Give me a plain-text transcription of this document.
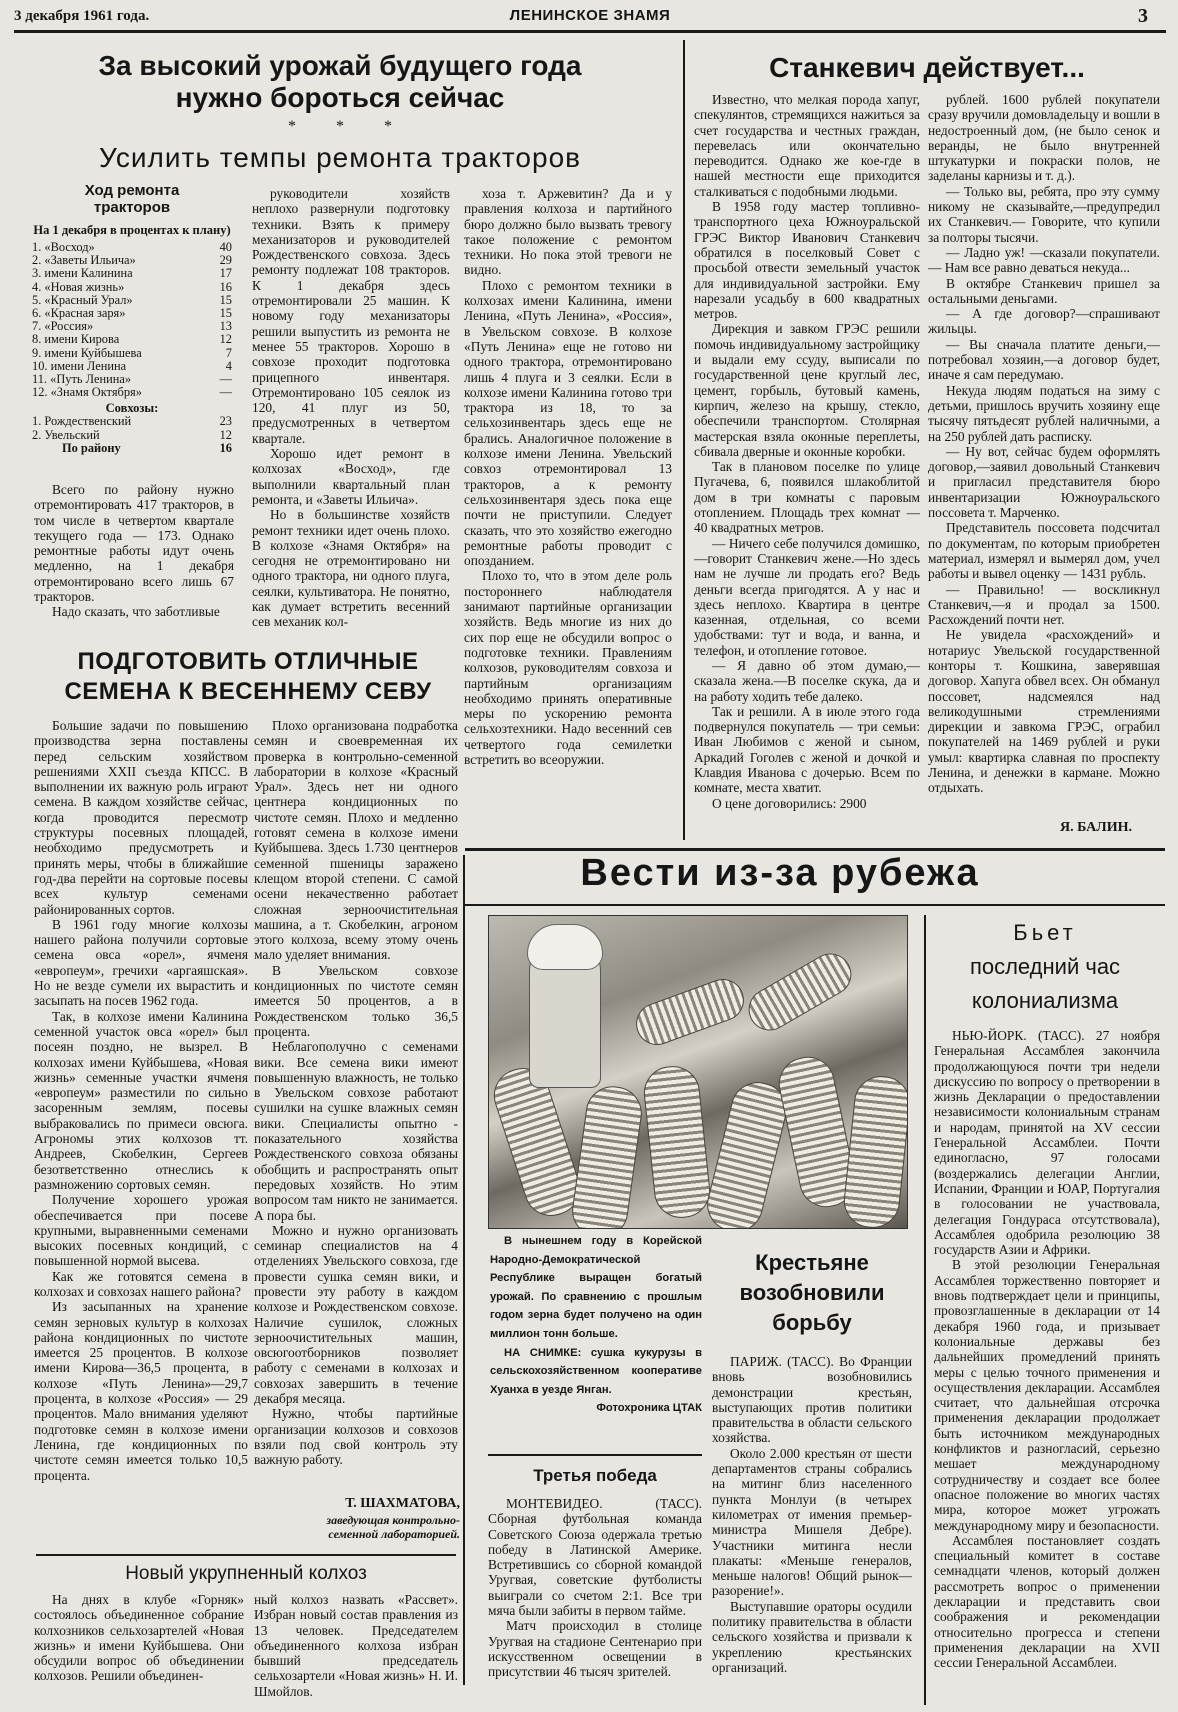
3 декабря 1961 года.	ЛЕНИНСКОЕ ЗНАМЯ	3
За высокий урожай будущего года
нужно бороться сейчас
*          *          *
Усилить темпы ремонта тракторов
Ход ремонта тракторов
На 1 декабря в процентах к плану)
1. «Восход»	40
2. «Заветы Ильича»	29
3. имени Калинина	17
4. «Новая жизнь»	16
5. «Красный Урал»	15
6. «Красная заря»	15
7. «Россия»	13
8. имени Кирова	12
9. имени Куйбышева	7
10. имени Ленина	4
11. «Путь Ленина»	—
12. «Знамя Октября»	—
Совхозы:
1. Рождественский	23
2. Увельский	12
По району	16

Всего по району нужно отремонтировать 417 тракторов, в том числе в четвертом квартале текущего года — 173. Однако ремонтные работы идут очень медленно, на 1 декабря отремонтировано всего лишь 67 тракторов.

Надо сказать, что заботливые

руководители хозяйств неплохо развернули подготовку техники. Взять к примеру механизаторов и руководителей Рождественского совхоза. Здесь ремонту подлежат 108 тракторов. К 1 декабря здесь отремонтировали 25 машин. К новому году механизаторы решили выпустить из ремонта не менее 55 тракторов. Хорошо в совхозе проходит подготовка прицепного инвентаря. Отремонтировано 105 сеялок из 120, 41 плуг из 50, предусмотренных в четвертом квартале.

Хорошо идет ремонт в колхозах «Восход», где выполнили квартальный план ремонта, и «Заветы Ильича».

Но в большинстве хозяйств ремонт техники идет очень плохо. В колхозе «Знамя Октября» на сегодня не отремонтировано ни одного трактора, ни одного плуга, сеялки, культиватора. Не понятно, как думает встретить весенний сев механик кол-

хоза т. Аржевитин? Да и у правления колхоза и партийного бюро должно было вызвать тревогу такое положение с ремонтом техники. Но пока этой тревоги не видно.

Плохо с ремонтом техники в колхозах имени Калинина, имени Ленина, «Путь Ленина», «Россия», в Увельском совхозе. В колхозе «Путь Ленина» еще не готово ни одного трактора, отремонтировано лишь 4 плуга и 3 сеялки. Если в колхозе имени Калинина готово три трактора из 18, то за сельхозинвентарь здесь еще не брались. Аналогичное положение в колхозе имени Ленина. Увельский совхоз отремонтировал 13 тракторов, а к ремонту сельхозинвентаря здесь пока еще почти не приступили. Следует сказать, что это хозяйство ежегодно ремонтные работы проводит с опозданием.

Плохо то, что в этом деле роль постороннего наблюдателя занимают партийные организации хозяйств. Ведь многие из них до сих пор еще не обсудили вопрос о подготовке техники. Правлениям колхозов, руководителям совхоза и партийным организациям необходимо принять оперативные меры по ускорению ремонта сельхозтехники. Надо весенний сев четвертого года семилетки встретить во всеоружии.

ПОДГОТОВИТЬ ОТЛИЧНЫЕ
СЕМЕНА К ВЕСЕННЕМУ СЕВУ

Большие задачи по повышению производства зерна поставлены перед сельским хозяйством решениями XXII съезда КПСС. В выполнении их важную роль играют семена. В каждом хозяйстве сейчас, когда проводится пересмотр структуры посевных площадей, необходимо предусмотреть и принять меры, чтобы в ближайшие год-два перейти на сортовые посевы всех культур семенами районированных сортов.

В 1961 году многие колхозы нашего района получили сортовые семена овса «орел», ячменя «европеум», гречихи «аргаяшская». Но не везде сумели их вырастить и засыпать на посев 1962 года.

Так, в колхозе имени Калинина семенной участок овса «орел» был посеян поздно, не вызрел. В колхозах имени Куйбышева, «Новая жизнь» семенные участки ячменя «европеум» разместили по сильно засоренным землям, посевы выбраковались по примеси овсюга. Агрономы этих колхозов тт. Андреев, Скобелкин, Сергеев безответственно отнеслись к размножению сортовых семян.

Получение хорошего урожая обеспечивается при посеве крупными, выравненными семенами высоких посевных кондиций, с повышенной нормой высева.

Как же готовятся семена в колхозах и совхозах нашего района?

Из засыпанных на хранение семян зерновых культур в колхозах района кондиционных по чистоте имеется 25 процентов. В колхозе имени Кирова—36,5 процента, в колхозе «Путь Ленина»—29,7 процента, в колхозе «Россия» — 29 процентов. Мало внимания уделяют подготовке семян в колхозе имени Ленина, где кондиционных по чистоте семян имеется только 10,5 процента.

Плохо организована подработка семян и своевременная их проверка в контрольно-семенной лаборатории в колхозе «Красный Урал». Здесь нет ни одного центнера кондиционных по чистоте семян. Плохо и медленно готовят семена в колхозе имени Куйбышева. Здесь 1.730 центнеров семенной пшеницы заражено клещом второй степени. С самой осени некачественно работает сложная зерноочистительная машина, а т. Скобелкин, агроном этого колхоза, всему этому очень мало уделяет внимания.

В Увельском совхозе кондиционных по чистоте семян имеется 50 процентов, а в Рождественском только 36,5 процента.

Неблагополучно с семенами вики. Все семена вики имеют повышенную влажность, не только в Увельском совхозе работают сушилки на сушке влажных семян вики. Специалисты опытно - показательного хозяйства Рождественского совхоза обязаны обобщить и распространять опыт передовых хозяйств. Но этим вопросом там никто не занимается. А пора бы.

Можно и нужно организовать семинар специалистов на 4 отделениях Увельского совхоза, где провести сушка семян вики, и провести эту работу в каждом колхозе и Рождественском совхозе. Наличие сушилок, сложных зерноочистительных машин, овсюгоотборников позволяет работу с семенами в колхозах и совхозах завершить в течение декабря месяца.

Нужно, чтобы партийные организации колхозов и совхозов взяли под свой контроль эту важную работу.

Т. ШАХМАТОВА,
заведующая контрольно-семенной лабораторией.
Новый укрупненный колхоз

На днях в клубе «Горняк» состоялось объединенное собрание колхозников сельхозартелей «Новая жизнь» и имени Куйбышева. Они обсудили вопрос об объединении колхозов. Решили объединен-

ный колхоз назвать «Рассвет». Избран новый состав правления из 13 человек. Председателем объединенного колхоза избран бывший председатель сельхозартели «Новая жизнь» Н. И. Шмойлов.

Станкевич действует...

Известно, что мелкая порода хапуг, спекулянтов, стремящихся нажиться за счет государства и честных граждан, перевелась или окончательно переводится. Однако же кое-где в нашей местности еще приходится сталкиваться с подобными людьми.

В 1958 году мастер топливно-транспортного цеха Южноуральской ГРЭС Виктор Иванович Станкевич обратился в поселковый Совет с просьбой отвести земельный участок для индивидуальной застройки. Ему нарезали усадьбу в 600 квадратных метров.

Дирекция и завком ГРЭС решили помочь индивидуальному застройщику и выдали ему ссуду, выписали по государственной цене круглый лес, цемент, горбыль, бутовый камень, кирпич, железо на крышу, стекло, обеспечили транспортом. Столярная мастерская взяла оконные переплеты, сбивала дверные и оконные коробки.

Так в плановом поселке по улице Пугачева, 6, появился шлакоблитой дом в три комнаты с паровым отоплением. Площадь трех комнат — 40 квадратных метров.

— Ничего себе получился домишко,—говорит Станкевич жене.—Но здесь нам не лучше ли продать его? Ведь деньги всегда пригодятся. А у нас и здесь неплохо. Квартира в центре казенная, отдельная, со всеми удобствами: тут и вода, и ванна, и телефон, и отопление готовое.

— Я давно об этом думаю,—сказала жена.—В поселке скука, да и на работу ходить тебе далеко.

Так и решили. А в июле этого года подвернулся покупатель — три семьи: Иван Любимов с женой и сыном, Аркадий Гоголев с женой и дочкой и Клавдия Иванова с дочерью. Всем по комнате, места хватит.

О цене договорились: 2900

рублей. 1600 рублей покупатели сразу вручили домовладельцу и вошли в недостроенный дом, (не было сенок и веранды, не было внутренней штукатурки и покраски полов, не заделаны карнизы и т. д.).

— Только вы, ребята, про эту сумму никому не сказывайте,—предупредил их Станкевич.— Говорите, что купили за полторы тысячи.

— Ладно уж! —сказали покупатели. — Нам все равно деваться некуда...

В октябре Станкевич пришел за остальными деньгами.

— А где договор?—спрашивают жильцы.

— Вы сначала платите деньги,—потребовал хозяин,—а договор будет, иначе я сам передумаю.

Некуда людям податься на зиму с детьми, пришлось вручить хозяину еще тысячу пятьдесят рублей наличными, а на 250 рублей дать расписку.

— Ну вот, сейчас будем оформлять договор,—заявил довольный Станкевич и пригласил представителя бюро инвентаризации Южноуральского поссовета т. Марченко.

Представитель поссовета подсчитал по документам, по которым приобретен материал, измерял и вымерял дом, учел работы и вывел оценку — 1431 рубль.

— Правильно! — воскликнул Станкевич,—я и продал за 1500. Расхождений почти нет.

Не увидела «расхождений» и нотариус Увельской государственной конторы т. Кошкина, заверявшая договор. Хапуга обвел всех. Он обманул поссовет, надсмеялся над великодушными стремлениями дирекции и завкома ГРЭС, ограбил покупателей на 1469 рублей и руки умыл: квартирка славная по проспекту Ленина, и денежки в кармане. Можно отдыхать.

Я. БАЛИН.
Вести из-за рубежа
В нынешнем году в Корейской Народно-Демократической Республике выращен богатый урожай. По сравнению с прошлым годом зерна будет получено на один миллион тонн больше.
НА СНИМКЕ: сушка кукурузы в сельскохозяйственном кооперативе Хуанха в уезде Янган.
Фотохроника ЦТАК
Третья победа

МОНТЕВИДЕО. (ТАСС). Сборная футбольная команда Советского Союза одержала третью победу в Латинской Америке. Встретившись со сборной командой Уругвая, советские футболисты выиграли со счетом 2:1. Все три мяча были забиты в первом тайме.

Матч происходил в столице Уругвая на стадионе Сентенарио при искусственном освещении в присутствии 46 тысяч зрителей.

Крестьяне
возобновили
борьбу

ПАРИЖ. (ТАСС). Во Франции вновь возобновились демонстрации крестьян, выступающих против политики правительства в области сельского хозяйства.

Около 2.000 крестьян от шести департаментов страны собрались на митинг близ населенного пункта Монлуи (в четырех километрах от имения премьер-министра Мишеля Дебре). Участники митинга несли плакаты: «Меньше генералов, меньше налогов! Общий рынок—разорение!».

Выступавшие ораторы осудили политику правительства в области сельского хозяйства и призвали к укреплению крестьянских организаций.

Бьет
последний час
колониализма

НЬЮ-ЙОРК. (ТАСС). 27 ноября Генеральная Ассамблея закончила продолжающуюся почти три недели дискуссию по вопросу о претворении в жизнь Декларации о предоставлении независимости колониальным странам и народам, принятой на XV сессии Генеральной Ассамблеи. Почти единогласно, 97 голосами (воздержались делегации Англии, Испании, Франции и ЮАР, Португалия в голосовании не участвовала, делегация Гондураса отсутствовала), Ассамблея одобрила резолюцию 38 государств Азии и Африки.

В этой резолюции Генеральная Ассамблея торжественно повторяет и вновь подтверждает цели и принципы, провозглашенные в декларации от 14 декабря 1960 года, и призывает колониальные державы без дальнейших промедлений принять меры с целью точного применения и осуществления декларации. Ассамблея считает, что дальнейшая отсрочка применения декларации продолжает быть источником международных конфликтов и разногласий, серьезно мешает международному сотрудничеству и создает все более опасное положение во многих частях мира, которое может угрожать международному миру и безопасности.

Ассамблея постановляет создать специальный комитет в составе семнадцати членов, который должен рассмотреть вопрос о применении декларации и представить свои соображения и рекомендации относительно прогресса и степени применения декларации на XVII сессии Генеральной Ассамблеи.
